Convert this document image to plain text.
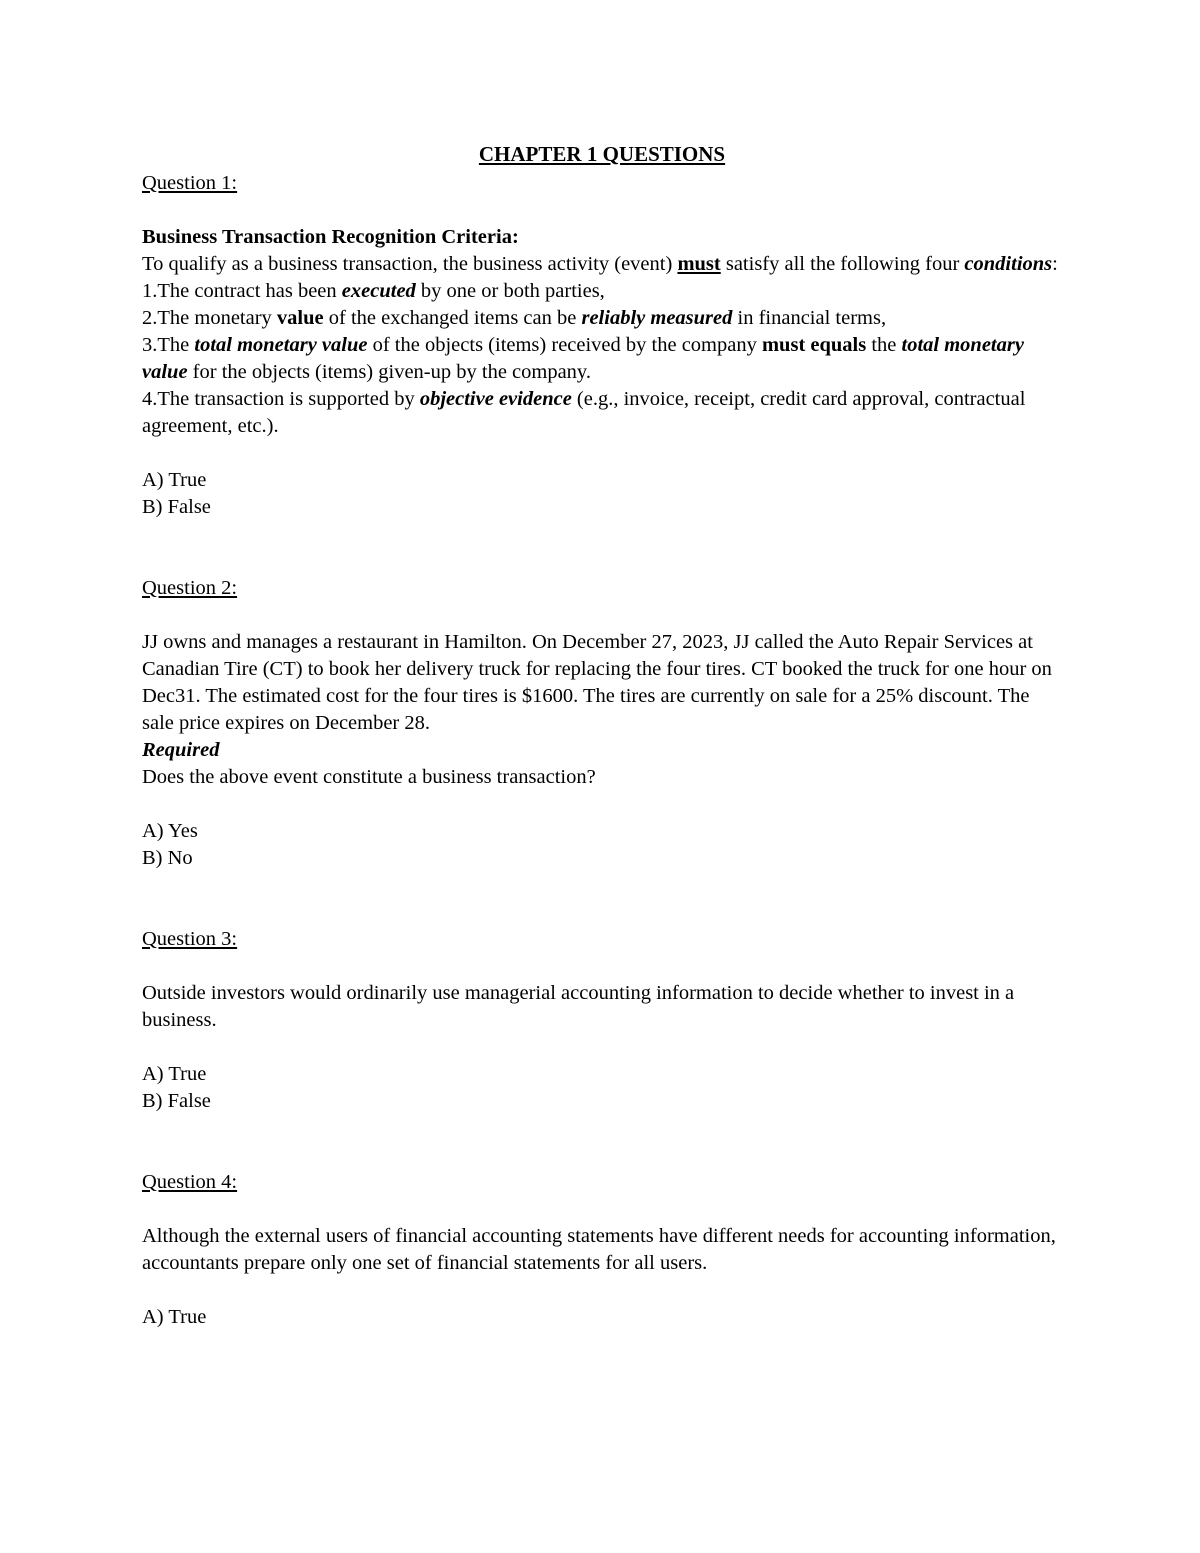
CHAPTER 1 QUESTIONS

Question 1:

Business Transaction Recognition Criteria:

To qualify as a business transaction, the business activity (event) must satisfy all the following four conditions:

1.The contract has been executed by one or both parties,

2.The monetary value of the exchanged items can be reliably measured in financial terms,

3.The total monetary value of the objects (items) received by the company must equals the total monetary value for the objects (items) given-up by the company.

4.The transaction is supported by objective evidence (e.g., invoice, receipt, credit card approval, contractual agreement, etc.).

A) True

B) False

Question 2:

JJ owns and manages a restaurant in Hamilton. On December 27, 2023, JJ called the Auto Repair Services at Canadian Tire (CT) to book her delivery truck for replacing the four tires. CT booked the truck for one hour on Dec31. The estimated cost for the four tires is $1600. The tires are currently on sale for a 25% discount. The sale price expires on December 28.

Required

Does the above event constitute a business transaction?

A) Yes

B) No

Question 3:

Outside investors would ordinarily use managerial accounting information to decide whether to invest in a business.

A) True

B) False

Question 4:

Although the external users of financial accounting statements have different needs for accounting information, accountants prepare only one set of financial statements for all users.

A) True
